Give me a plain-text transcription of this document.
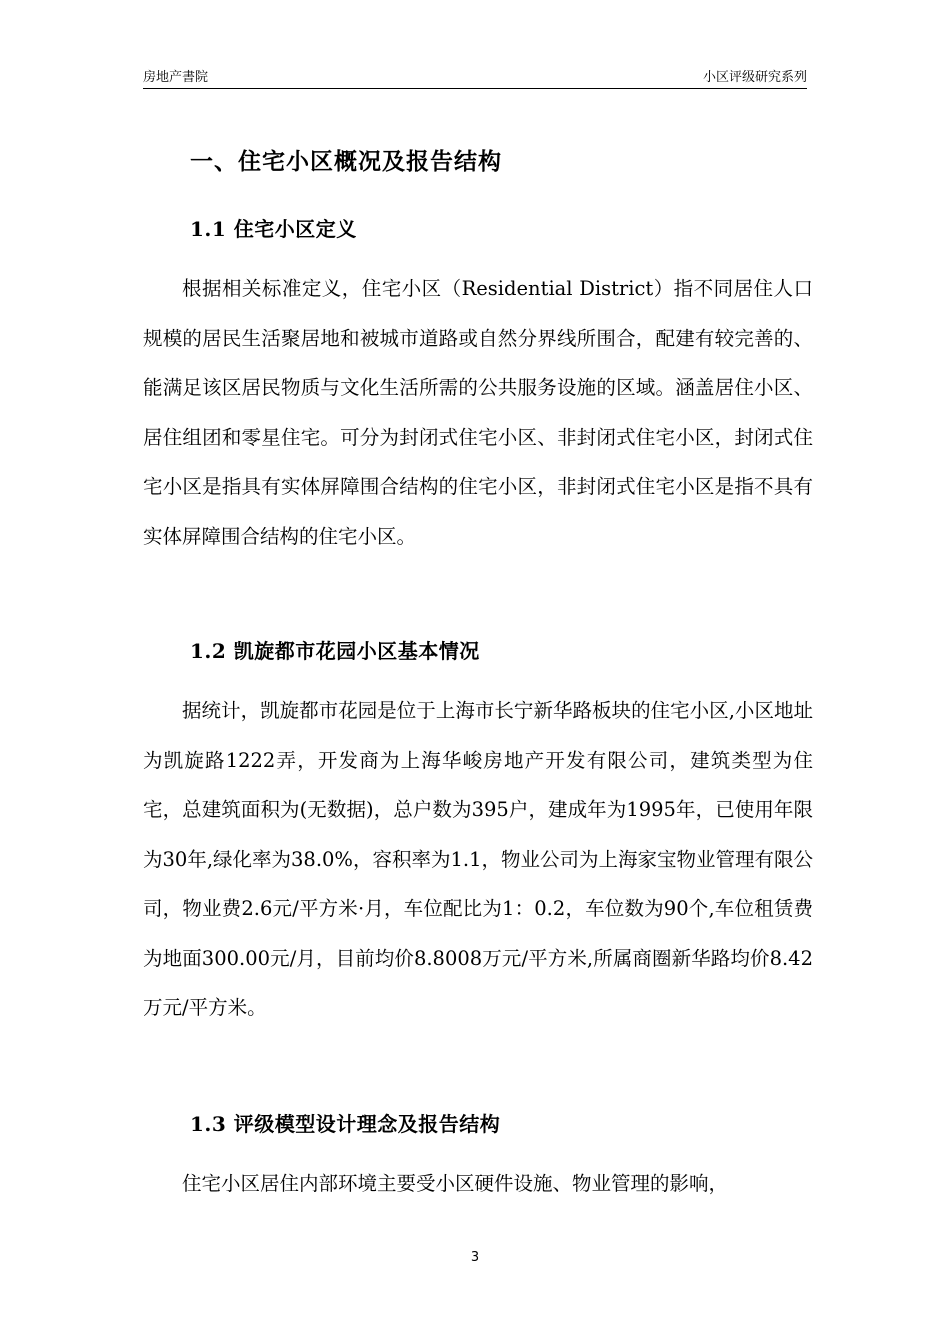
房地产書院	小区评级研究系列
一、住宅小区概况及报告结构
1.1 住宅小区定义

根据相关标准定义，住宅小区（Residential District）指不同居住人口规模的居民生活聚居地和被城市道路或自然分界线所围合，配建有较完善的、能满足该区居民物质与文化生活所需的公共服务设施的区域。涵盖居住小区、居住组团和零星住宅。可分为封闭式住宅小区、非封闭式住宅小区，封闭式住宅小区是指具有实体屏障围合结构的住宅小区，非封闭式住宅小区是指不具有实体屏障围合结构的住宅小区。

1.2 凯旋都市花园小区基本情况

据统计，凯旋都市花园是位于上海市长宁新华路板块的住宅小区,小区地址为凯旋路1222弄，开发商为上海华峻房地产开发有限公司，建筑类型为住宅，总建筑面积为(无数据)，总户数为395户，建成年为1995年，已使用年限为30年,绿化率为38.0%，容积率为1.1，物业公司为上海家宝物业管理有限公司，物业费2.6元/平方米·月，车位配比为1：0.2，车位数为90个,车位租赁费为地面300.00元/月，目前均价8.8008万元/平方米,所属商圈新华路均价8.42万元/平方米。

1.3 评级模型设计理念及报告结构

住宅小区居住内部环境主要受小区硬件设施、物业管理的影响，

3
